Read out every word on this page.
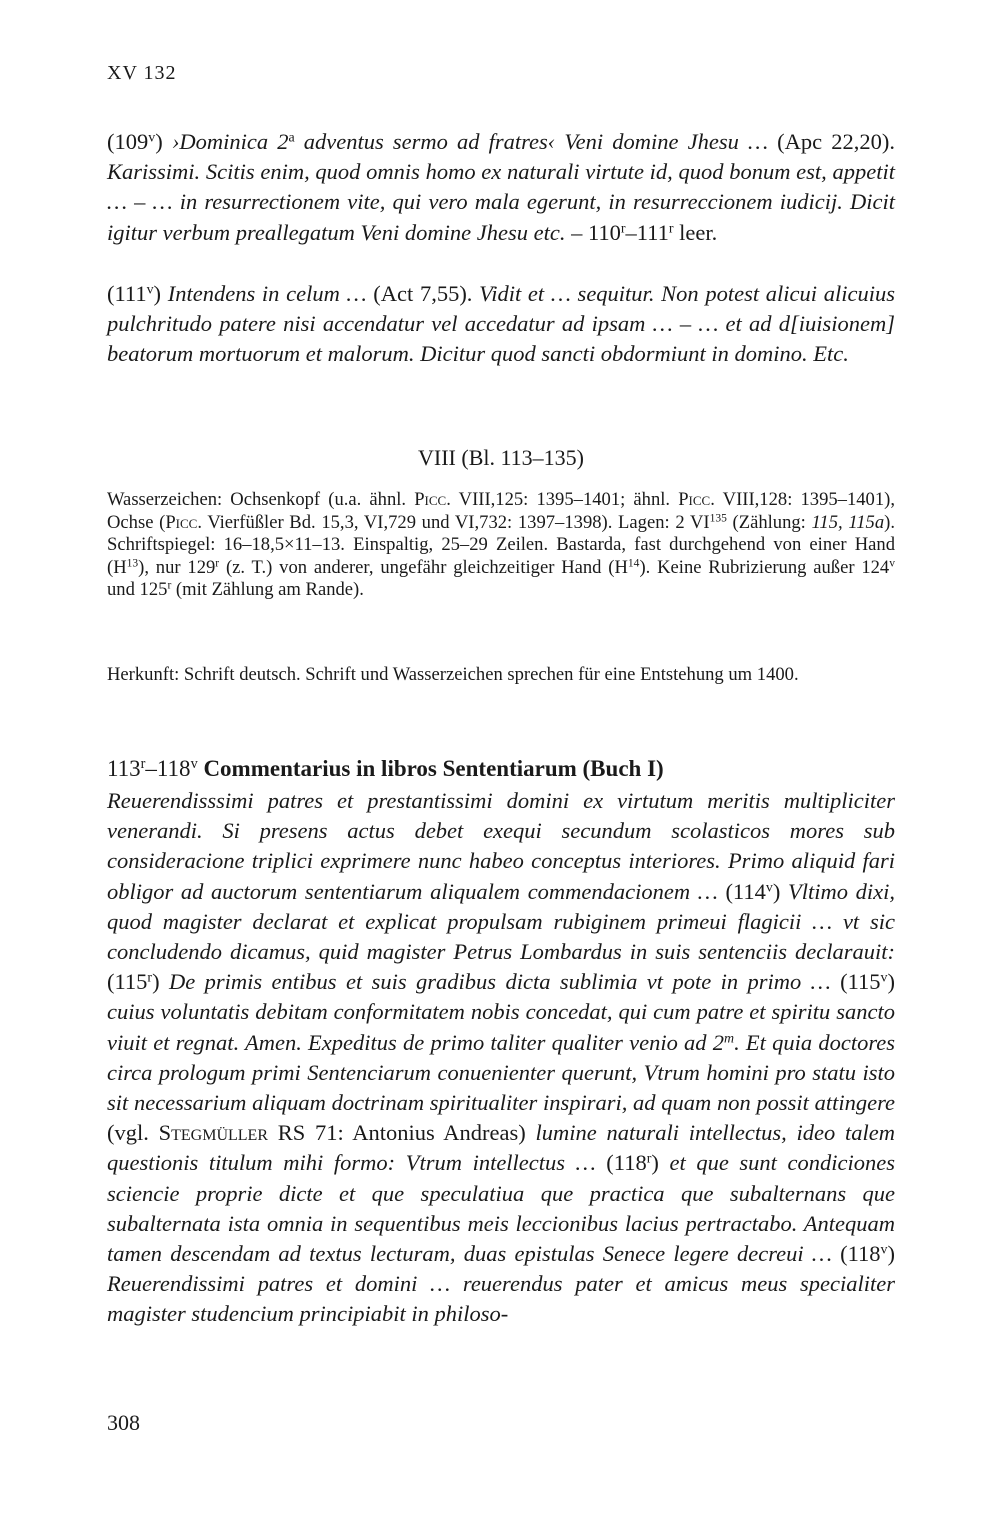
XV 132
(109$^v$) ›Dominica 2$^a$ adventus sermo ad fratres‹ Veni domine Jhesu … (Apc 22,20). Karissimi. Scitis enim, quod omnis homo ex naturali virtute id, quod bonum est, appetit … – … in resurrectionem vite, qui vero mala egerunt, in resurreccionem iudicij. Dicit igitur verbum preallegatum Veni domine Jhesu etc. – 110$^r$–111$^r$ leer.
(111$^v$) Intendens in celum … (Act 7,55). Vidit et … sequitur. Non potest alicui alicuius pulchritudo patere nisi accendatur vel accedatur ad ipsam … – … et ad d[iuisionem] beatorum mortuorum et malorum. Dicitur quod sancti obdormiunt in domino. Etc.
VIII (Bl. 113–135)
Wasserzeichen: Ochsenkopf (u.a. ähnl. Picc. VIII,125: 1395–1401; ähnl. Picc. VIII,128: 1395–1401), Ochse (Picc. Vierfüßler Bd. 15,3, VI,729 und VI,732: 1397–1398). Lagen: 2 VI$^{135}$ (Zählung: 115, 115a). Schriftspiegel: 16–18,5×11–13. Einspaltig, 25–29 Zeilen. Bastarda, fast durchgehend von einer Hand $(H^{13})$, nur 129$^r$ (z. T.) von anderer, ungefähr gleichzeitiger Hand $(H^{14})$. Keine Rubrizierung außer 124$^v$ und 125$^r$ (mit Zählung am Rande).
Herkunft: Schrift deutsch. Schrift und Wasserzeichen sprechen für eine Entstehung um 1400.
113$^r$–118$^v$ Commentarius in libros Sententiarum (Buch I)
Reuerendisssimi patres et prestantissimi domini ex virtutum meritis multipliciter venerandi. Si presens actus debet exequi secundum scolasticos mores sub consideracione triplici exprimere nunc habeo conceptus interiores. Primo aliquid fari obligor ad auctorum sententiarum aliqualem commendacionem … (114$^v$) Vltimo dixi, quod magister declarat et explicat propulsam rubiginem primeui flagicii … vt sic concludendo dicamus, quid magister Petrus Lombardus in suis sentenciis declarauit: (115$^r$) De primis entibus et suis gradibus dicta sublimia vt pote in primo … (115$^v$) cuius voluntatis debitam conformitatem nobis concedat, qui cum patre et spiritu sancto viuit et regnat. Amen. Expeditus de primo taliter qualiter venio ad 2$^m$. Et quia doctores circa prologum primi Sentenciarum conuenienter querunt, Vtrum homini pro statu isto sit necessarium aliquam doctrinam spiritualiter inspirari, ad quam non possit attingere (vgl. Stegmüller RS 71: Antonius Andreas) lumine naturali intellectus, ideo talem questionis titulum mihi formo: Vtrum intellectus … (118$^r$) et que sunt condiciones sciencie proprie dicte et que speculatiua que practica que subalternans que subalternata ista omnia in sequentibus meis leccionibus lacius pertractabo. Antequam tamen descendam ad textus lecturam, duas epistulas Senece legere decreui … (118$^v$) Reuerendissimi patres et domini … reuerendus pater et amicus meus specialiter magister studencium principiabit in philoso-
308
